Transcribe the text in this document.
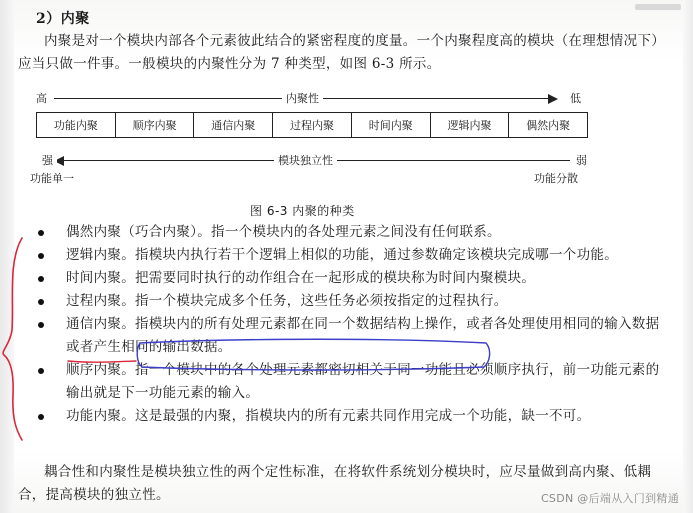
2）内聚
内聚是对一个模块内部各个元素彼此结合的紧密程度的度量。一个内聚程度高的模块（在理想情况下）应当只做一件事。一般模块的内聚性分为 7 种类型，如图 6-3 所示。
高	内聚性	低
功能内聚	顺序内聚	通信内聚	过程内聚	时间内聚	逻辑内聚	偶然内聚
强	模块独立性	弱
功能单一	功能分散
图 6-3 内聚的种类
偶然内聚（巧合内聚）。指一个模块内的各处理元素之间没有任何联系。
逻辑内聚。指模块内执行若干个逻辑上相似的功能，通过参数确定该模块完成哪一个功能。
时间内聚。把需要同时执行的动作组合在一起形成的模块称为时间内聚模块。
过程内聚。指一个模块完成多个任务，这些任务必须按指定的过程执行。
通信内聚。指模块内的所有处理元素都在同一个数据结构上操作，或者各处理使用相同的输入数据或者产生相同的输出数据。
顺序内聚。指一个模块中的各个处理元素都密切相关于同一功能且必须顺序执行，前一功能元素的输出就是下一功能元素的输入。
功能内聚。这是最强的内聚，指模块内的所有元素共同作用完成一个功能，缺一不可。
耦合性和内聚性是模块独立性的两个定性标准，在将软件系统划分模块时，应尽量做到高内聚、低耦合，提高模块的独立性。	CSDN @后端从入门到精通
